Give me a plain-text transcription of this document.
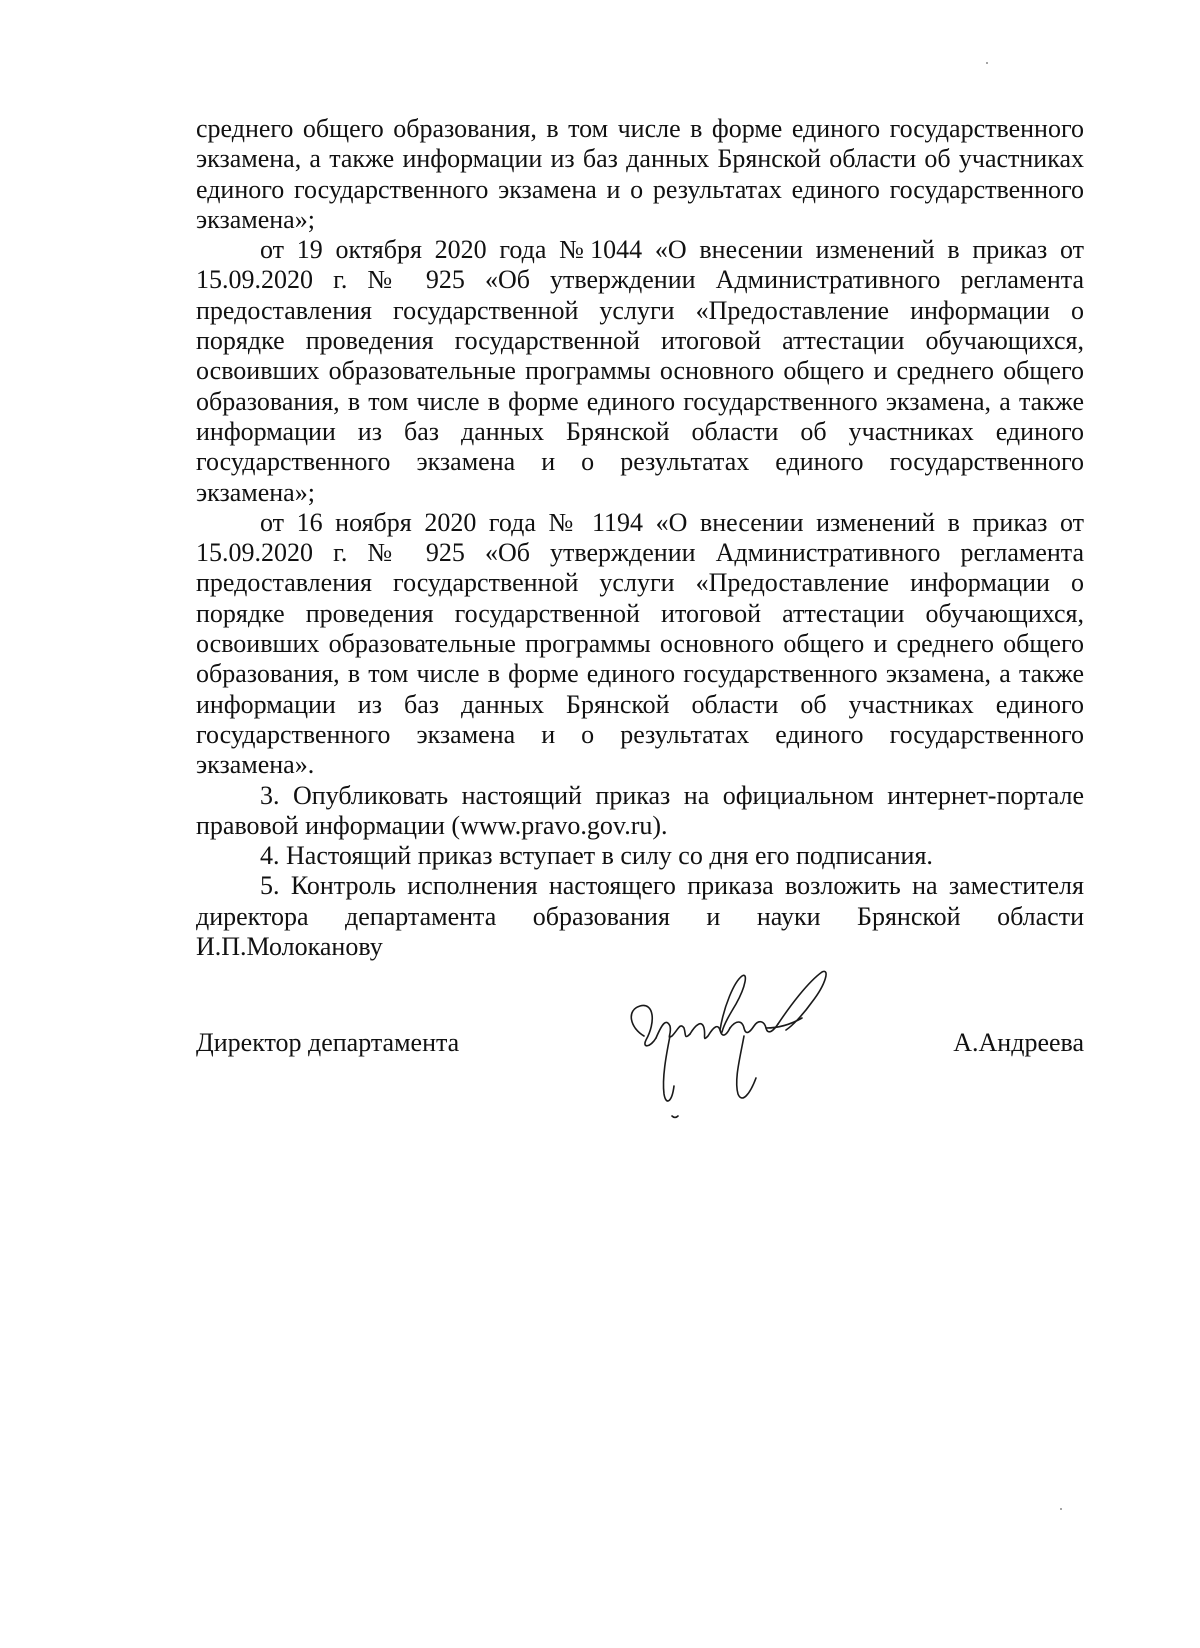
среднего общего образования, в том числе в форме единого государственного экзамена, а также информации из баз данных Брянской области об участниках единого государственного экзамена и о результатах единого государственного экзамена»;

от 19 октября 2020 года №1044 «О внесении изменений в приказ от 15.09.2020 г. № 925 «Об утверждении Административного регламента предоставления государственной услуги «Предоставление информации о порядке проведения государственной итоговой аттестации обучающихся, освоивших образовательные программы основного общего и среднего общего образования, в том числе в форме единого государственного экзамена, а также информации из баз данных Брянской области об участниках единого государственного экзамена и о результатах единого государственного экзамена»;

от 16 ноября 2020 года № 1194 «О внесении изменений в приказ от 15.09.2020 г. № 925 «Об утверждении Административного регламента предоставления государственной услуги «Предоставление информации о порядке проведения государственной итоговой аттестации обучающихся, освоивших образовательные программы основного общего и среднего общего образования, в том числе в форме единого государственного экзамена, а также информации из баз данных Брянской области об участниках единого государственного экзамена и о результатах единого государственного экзамена».

3. Опубликовать настоящий приказ на официальном интернет-портале правовой информации (www.pravo.gov.ru).

4. Настоящий приказ вступает в силу со дня его подписания.

5. Контроль исполнения настоящего приказа возложить на заместителя директора департамента образования и науки Брянской области И.П.Молоканову

Директор департамента	А.Андреева
